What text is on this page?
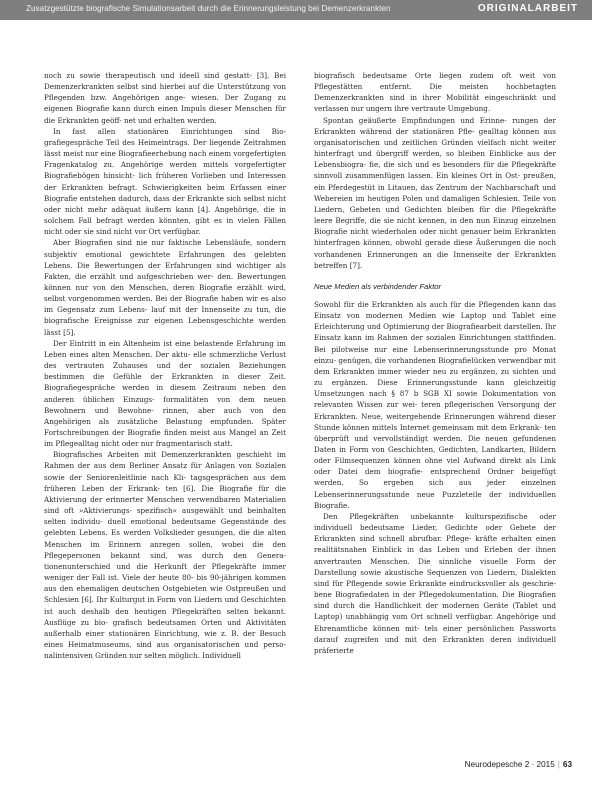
Zusatzgestützte biografische Simulationsarbeit durch die Erinnerungsleistung bei Demenzerkrankten	ORIGINALARBEIT

noch zu sowie therapeutisch und ideell sind gestatt- [3]. Bei Demenzerkrankten selbst sind hierbei auf die Unterstützung von Pflegenden bzw. Angehörigen ange- wiesen. Der Zugang zu eigenen Biografie kann durch einen Impuls dieser Menschen für die Erkrankten geöff- net und erhalten werden.

In fast allen stationären Einrichtungen sind Bio- grafiegespräche Teil des Heimeintrags. Der liegende Zeitrahmen lässt meist nur eine Biografieerhebung nach einem vorgefertigten Fragenkatalog zu. Angehörige werden mittels vorgefertigter Biografiebögen hinsicht- lich früheren Vorlieben und Interessen der Erkrankten befragt. Schwierigkeiten beim Erfassen einer Biografie entstehen dadurch, dass der Erkrankte sich selbst nicht oder nicht mehr adäquat äußern kann [4]. Angehörige, die in solchem Fall befragt werden könnten, gibt es in vielen Fällen nicht oder sie sind nicht vor Ort verfügbar.

Aber Biografien sind nie nur faktische Lebensläufe, sondern subjektiv emotional gewichtete Erfahrungen des gelebten Lebens. Die Bewertungen der Erfahrungen sind wichtiger als Fakten, die erzählt und aufgeschrieben wer- den. Bewertungen können nur von den Menschen, deren Biografie erzählt wird, selbst vorgenommen werden. Bei der Biografie haben wir es also im Gegensatz zum Lebens- lauf mit der Innenseite zu tun, die biografische Ereignisse zur eigenen Lebensgeschichte werden lässt [5].

Der Eintritt in ein Altenheim ist eine belastende Erfahrung im Leben eines alten Menschen. Der aktu- elle schmerzliche Verlust des vertrauten Zuhauses und der sozialen Beziehungen bestimmen die Gefühle der Erkrankten in dieser Zeit. Biografiegespräche werden in diesem Zeitraum neben den anderen üblichen Einzugs- formalitäten von dem neuen Bewohnern und Bewohne- rinnen, aber auch von den Angehörigen als zusätzliche Belastung empfunden. Später Fortschreibungen der Biografie finden meist aus Mangel an Zeit im Pflegealltag nicht oder nur fragmentarisch statt.

Biografisches Arbeiten mit Demenzerkrankten geschieht im Rahmen der aus dem Berliner Ansatz für Anlagen von Sozialen sowie der Seniorenleitlinie nach Kli- tagsgesprächen aus dem früheren Leben der Erkrank- ten [6]. Die Biografie für die Aktivierung der erinnerter Menschen verwendbaren Materialien sind oft »Aktivierungs- spezifisch« ausgewählt und beinhalten selten individu- duell emotional bedeutsame Gegenstände des gelebten Lebens. Es werden Volkslieder gesungen, die die alten Menschen im Erinnern anregen sollen, wobei die den Pflegepersonen bekannt sind, was durch den Genera- tionenunterschied und die Herkunft der Pflegekräfte immer weniger der Fall ist. Viele der heute 80- bis 90-jährigen kommen aus den ehemaligen deutschen Ostgebieten wie Ostpreußen und Schlesien [6]. Ihr Kulturgut in Form von Liedern und Geschichten ist auch deshalb den heutigen Pflegekräften selten bekannt. Ausflüge zu bio- grafisch bedeutsamen Orten und Aktivitäten außerhalb einer stationären Einrichtung, wie z. B. der Besuch eines Heimatmuseums, sind aus organisatorischen und perso- nalintensiven Gründen nur selten möglich. Individuell

biografisch bedeutsame Orte liegen zudem oft weit von Pflegestätten entfernt. Die meisten hochbetagten Demenzerkrankten sind in ihrer Mobilität eingeschränkt und verlassen nur ungern ihre vertraute Umgebung.

Spontan geäußerte Empfindungen und Erinne- rungen der Erkrankten während der stationären Pfle- gealltag können aus organisatorischen und zeitlichen Gründen vielfach nicht weiter hinterfragt und übergriff werden, so bleiben Einblicke aus der Lebensbiogra- fie, die sich und es besonders für die Pflegekräfte sinnvoll zusammenfügen lassen. Ein kleines Ort in Ost- preußen, ein Pferdegestüt in Litauen, das Zentrum der Nachbarschaft und Webereien im heutigen Polen und damaligen Schlesien. Teile von Liedern, Gebeten und Gedichten bleiben für die Pflegekräfte leere Begriffe, die sie nicht kennen, in den nun Einzug einzelnen Biografie nicht wiederholen oder nicht genauer beim Erkrankten hinterfragen können, obwohl gerade diese Äußerungen die noch vorhandenen Erinnerungen an die Innenseite der Erkrankten betreffen [7].

Neue Medien als verbindender Faktor

Sowohl für die Erkrankten als auch für die Pflegenden kann das Einsatz von modernen Medien wie Laptop und Tablet eine Erleichterung und Optimierung der Biografiearbeit darstellen. Ihr Einsatz kann im Rahmen der sozialen Einrichtungen stattfinden. Bei pilotweise nur eine Lebenserinnerungsstunde pro Monat einzu- genügen, die vorhandenen Biografielücken verwendbar mit dem Erkrankten immer wieder neu zu ergänzen, zu sichten und zu ergänzen. Diese Erinnerungsstunde kann gleichzeitig Umsetzungen nach § 87 b SGB XI sowie Dokumentation von relevanten Wissen zur wei- teren pflegerischen Versorgung der Erkrankten. Neue, weitergehende Erinnerungen während dieser Stunde können mittels Internet gemeinsam mit dem Erkrank- ten überprüft und vervollständigt werden. Die neuen gefundenen Daten in Form von Geschichten, Gedichten, Landkarten, Bildern oder Filmsequenzen können ohne viel Aufwand direkt als Link oder Datei dem biografie- entsprechend Ordner beigefügt werden. So ergeben sich aus jeder einzelnen Lebenserinnerungsstunde neue Puzzleteile der individuellen Biografie.

Den Pflegekräften unbekannte kulturspezifische oder individuell bedeutsame Lieder, Gedichte oder Gebete der Erkrankten sind schnell abrufbar. Pflege- kräfte erhalten einen realitätsnahen Einblick in das Leben und Erleben der ihnen anvertrauten Menschen. Die sinnliche visuelle Form der Darstellung sowie akustische Sequenzen von Liedern, Dialekten sind für Pflegende sowie Erkrankte eindrucksvoller als geschrie- bene Biografiedaten in der Pflegedokumentation. Die Biografien sind durch die Handlichkeit der modernen Geräte (Tablet und Laptop) unabhängig vom Ort schnell verfügbar. Angehörige und Ehrenamtliche können mit- tels einer persönlichen Passworts darauf zugreifen und mit den Erkrankten deren individuell präferierte

Neurodepesche 2 · 2015 | 63
